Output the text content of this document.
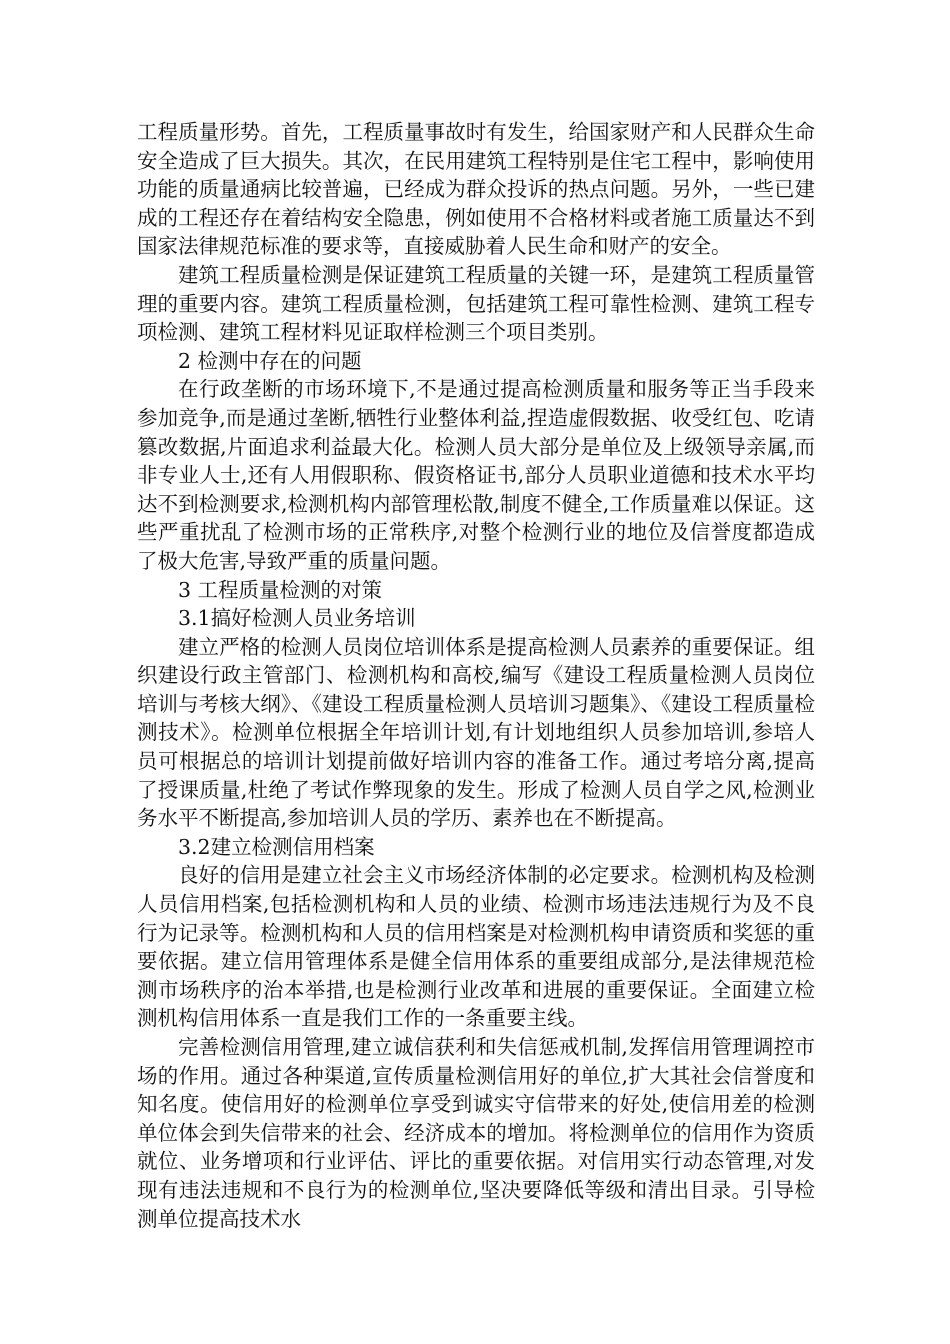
工程质量形势。首先，工程质量事故时有发生，给国家财产和人民群众生命安全造成了巨大损失。其次，在民用建筑工程特别是住宅工程中，影响使用功能的质量通病比较普遍，已经成为群众投诉的热点问题。另外，一些已建成的工程还存在着结构安全隐患，例如使用不合格材料或者施工质量达不到国家法律规范标准的要求等，直接威胁着人民生命和财产的安全。

建筑工程质量检测是保证建筑工程质量的关键一环，是建筑工程质量管理的重要内容。建筑工程质量检测，包括建筑工程可靠性检测、建筑工程专项检测、建筑工程材料见证取样检测三个项目类别。

2 检测中存在的问题

在行政垄断的市场环境下,不是通过提高检测质量和服务等正当手段来参加竞争,而是通过垄断,牺牲行业整体利益,捏造虚假数据、收受红包、吃请篡改数据,片面追求利益最大化。检测人员大部分是单位及上级领导亲属,而非专业人士,还有人用假职称、假资格证书,部分人员职业道德和技术水平均达不到检测要求,检测机构内部管理松散,制度不健全,工作质量难以保证。这些严重扰乱了检测市场的正常秩序,对整个检测行业的地位及信誉度都造成了极大危害,导致严重的质量问题。

3 工程质量检测的对策

3.1搞好检测人员业务培训

建立严格的检测人员岗位培训体系是提高检测人员素养的重要保证。组织建设行政主管部门、检测机构和高校,编写《建设工程质量检测人员岗位培训与考核大纲》、《建设工程质量检测人员培训习题集》、《建设工程质量检测技术》。检测单位根据全年培训计划,有计划地组织人员参加培训,参培人员可根据总的培训计划提前做好培训内容的准备工作。通过考培分离,提高了授课质量,杜绝了考试作弊现象的发生。形成了检测人员自学之风,检测业务水平不断提高,参加培训人员的学历、素养也在不断提高。

3.2建立检测信用档案

良好的信用是建立社会主义市场经济体制的必定要求。检测机构及检测人员信用档案,包括检测机构和人员的业绩、检测市场违法违规行为及不良行为记录等。检测机构和人员的信用档案是对检测机构申请资质和奖惩的重要依据。建立信用管理体系是健全信用体系的重要组成部分,是法律规范检测市场秩序的治本举措,也是检测行业改革和进展的重要保证。全面建立检测机构信用体系一直是我们工作的一条重要主线。

完善检测信用管理,建立诚信获利和失信惩戒机制,发挥信用管理调控市场的作用。通过各种渠道,宣传质量检测信用好的单位,扩大其社会信誉度和知名度。使信用好的检测单位享受到诚实守信带来的好处,使信用差的检测单位体会到失信带来的社会、经济成本的增加。将检测单位的信用作为资质就位、业务增项和行业评估、评比的重要依据。对信用实行动态管理,对发现有违法违规和不良行为的检测单位,坚决要降低等级和清出目录。引导检测单位提高技术水
